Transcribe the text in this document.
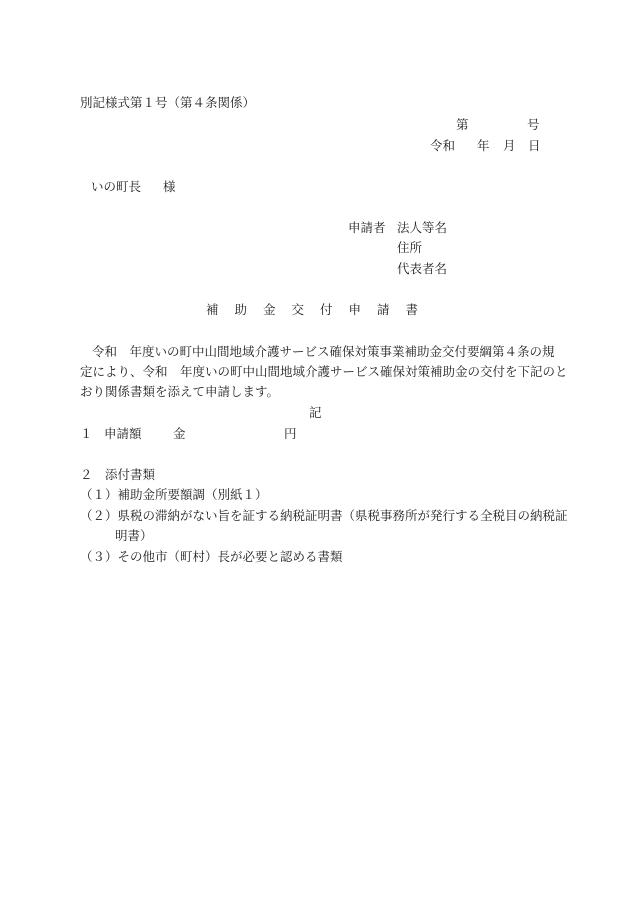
別記様式第１号（第４条関係）
第	号
令和 年 月 日
いの町長 様
申請者 法人等名
住所
代表者名
補助金交付申請書
令和　年度いの町中山間地域介護サービス確保対策事業補助金交付要綱第４条の規
定により、令和　年度いの町中山間地域介護サービス確保対策補助金の交付を下記のと
おり関係書類を添えて申請します。
記
１ 申請額	金	円
２　添付書類
（１）補助金所要額調（別紙１）
（２）県税の滞納がない旨を証する納税証明書（県税事務所が発行する全税目の納税証
明書）
（３）その他市（町村）長が必要と認める書類
